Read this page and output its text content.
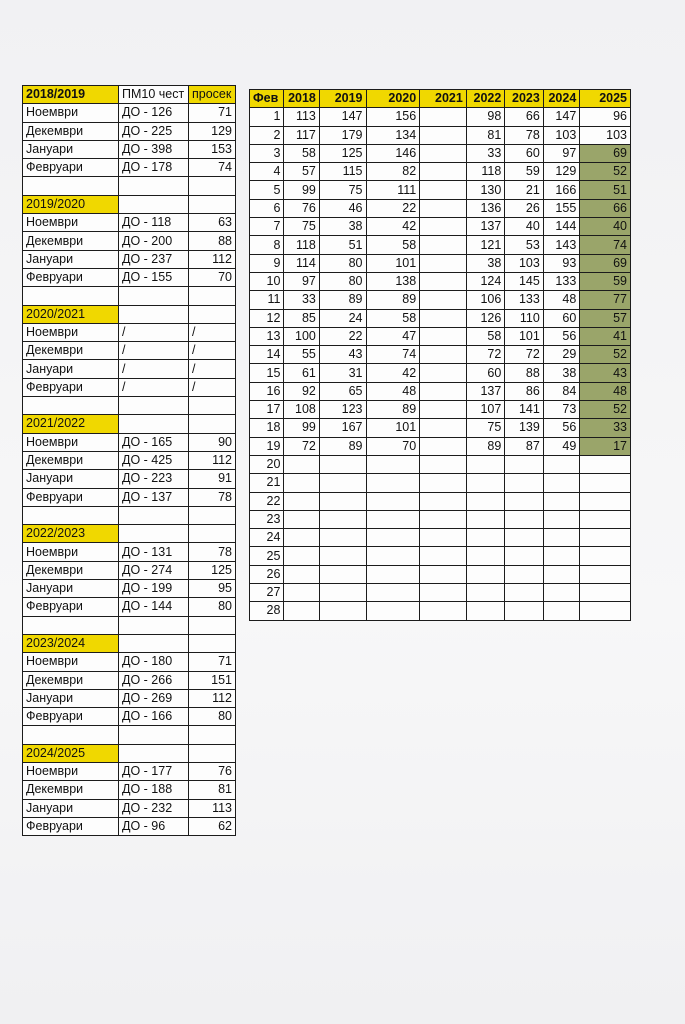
2018/2019	ПМ10 чест	просек
Ноември	ДО - 126	71
Декември	ДО - 225	129
Јануари	ДО - 398	153
Февруари	ДО - 178	74

2019/2020		
Ноември	ДО - 118	63
Декември	ДО - 200	88
Јануари	ДО - 237	112
Февруари	ДО - 155	70

2020/2021		
Ноември	/	/
Декември	/	/
Јануари	/	/
Февруари	/	/

2021/2022		
Ноември	ДО - 165	90
Декември	ДО - 425	112
Јануари	ДО - 223	91
Февруари	ДО - 137	78

2022/2023		
Ноември	ДО - 131	78
Декември	ДО - 274	125
Јануари	ДО - 199	95
Февруари	ДО - 144	80

2023/2024		
Ноември	ДО - 180	71
Декември	ДО - 266	151
Јануари	ДО - 269	112
Февруари	ДО - 166	80

2024/2025		
Ноември	ДО - 177	76
Декември	ДО - 188	81
Јануари	ДО - 232	113
Февруари	ДО - 96	62
Фев	2018	2019	2020	2021	2022	2023	2024	2025
1	113	147	156		98	66	147	96
2	117	179	134		81	78	103	103
3	58	125	146		33	60	97	69
4	57	115	82		118	59	129	52
5	99	75	111		130	21	166	51
6	76	46	22		136	26	155	66
7	75	38	42		137	40	144	40
8	118	51	58		121	53	143	74
9	114	80	101		38	103	93	69
10	97	80	138		124	145	133	59
11	33	89	89		106	133	48	77
12	85	24	58		126	110	60	57
13	100	22	47		58	101	56	41
14	55	43	74		72	72	29	52
15	61	31	42		60	88	38	43
16	92	65	48		137	86	84	48
17	108	123	89		107	141	73	52
18	99	167	101		75	139	56	33
19	72	89	70		89	87	49	17
20								
21								
22								
23								
24								
25								
26								
27								
28								
